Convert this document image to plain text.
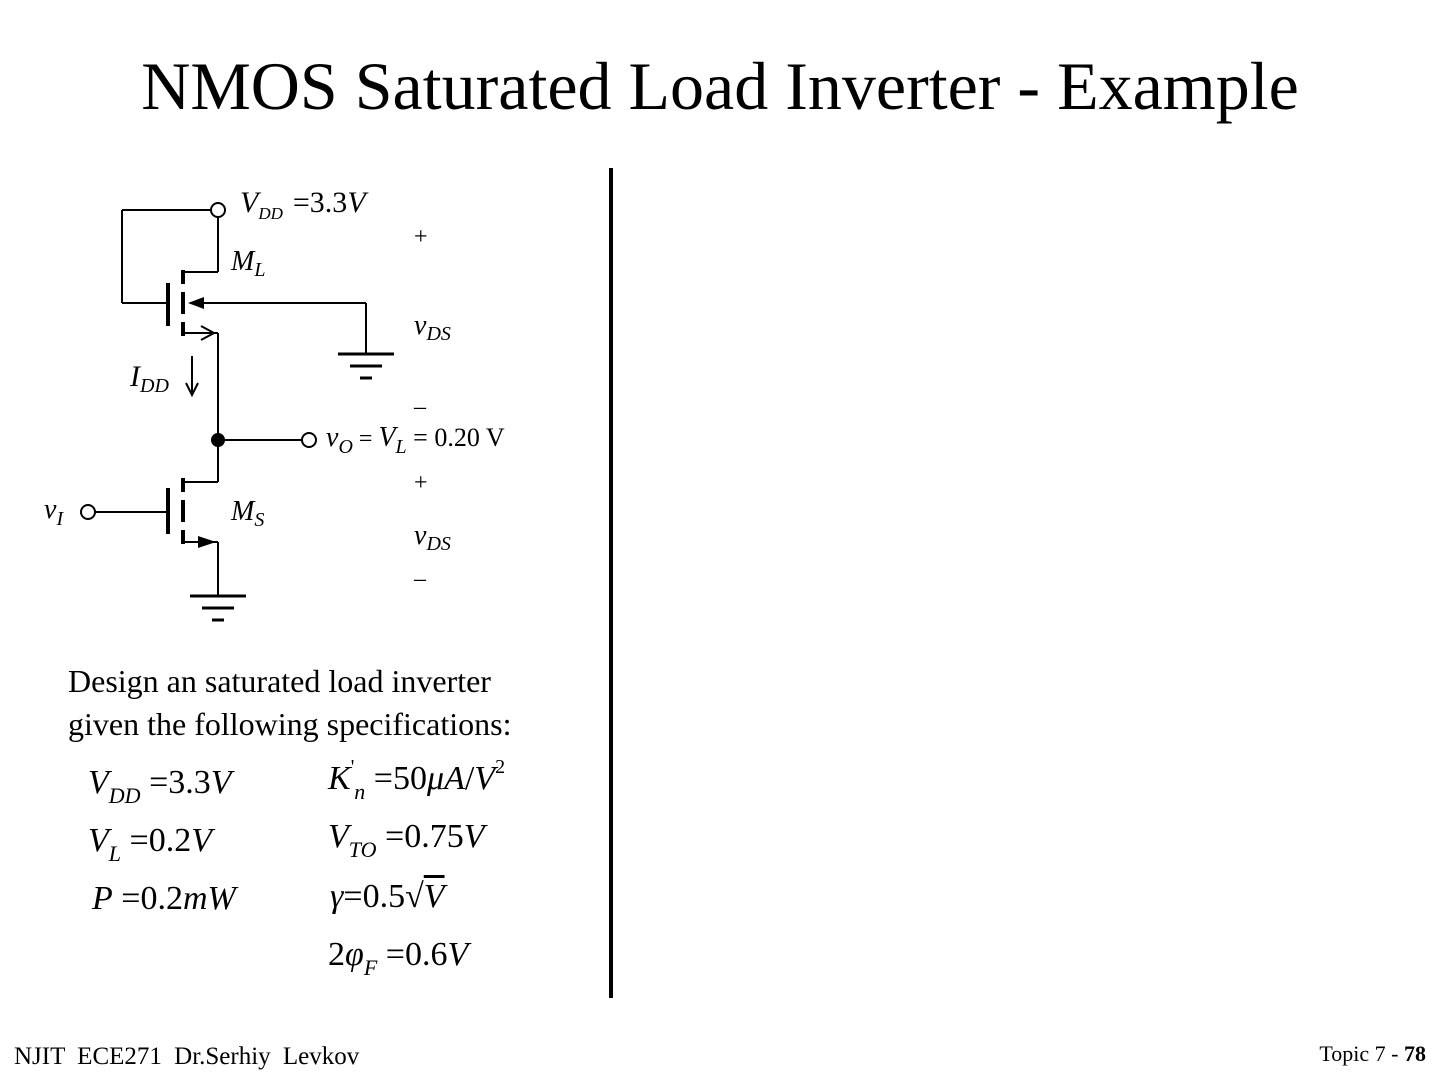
NMOS Saturated Load Inverter - Example
$V_{DD} =3.3V$
$M_L$
$M_S$
$I_{DD}$
$v_O = V_L = 0.20$ V
$v_I$
+
$v_{DS}$
–
+
$v_{DS}$
–
Design an saturated load inverter
given the following specifications:
$V_{DD} =3.3V$
$V_L =0.2V$
P =0.2mW
$K'_n =50\mu A/V^2$
$V_{TO} =0.75V$
γ=0.5√V
$2\varphi_F =0.6V$
NJIT ECE271 Dr.Serhiy Levkov	Topic 7 - 78
